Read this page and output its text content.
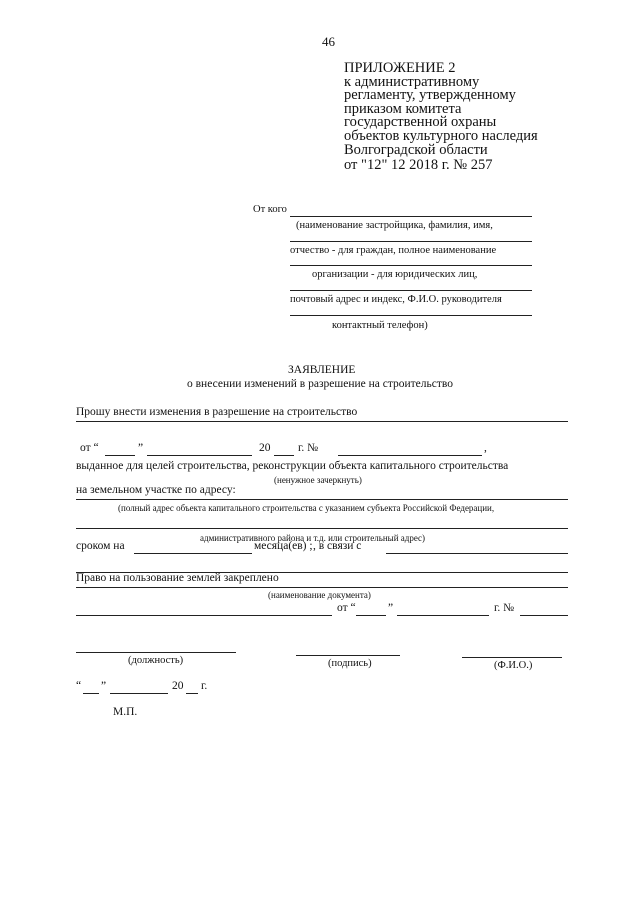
46
ПРИЛОЖЕНИЕ 2
к административному
регламенту, утвержденному
приказом комитета
государственной охраны
объектов культурного наследия
Волгоградской области
от "12" 12 2018 г. № 257
От кого
(наименование застройщика, фамилия, имя,
отчество - для граждан, полное наименование
организации - для юридических лиц,
почтовый адрес и индекс, Ф.И.О. руководителя
контактный телефон)
ЗАЯВЛЕНИЕ
о внесении изменений в разрешение на строительство
Прошу внести изменения в разрешение на строительство
от “	”	20 г. №	,
выданное для целей строительства, реконструкции объекта капитального строительства
(ненужное зачеркнуть)
на земельном участке по адресу:
(полный адрес объекта капитального строительства с указанием субъекта Российской Федерации,
административного района и т.д. или строительный адрес)
сроком на	месяца(ев) ; , в связи с
Право на пользование землей закреплено
(наименование документа)
от “	”	г. №
(должность)	(подпись)	(Ф.И.О.)
“ ”	20 г.
М.П.
